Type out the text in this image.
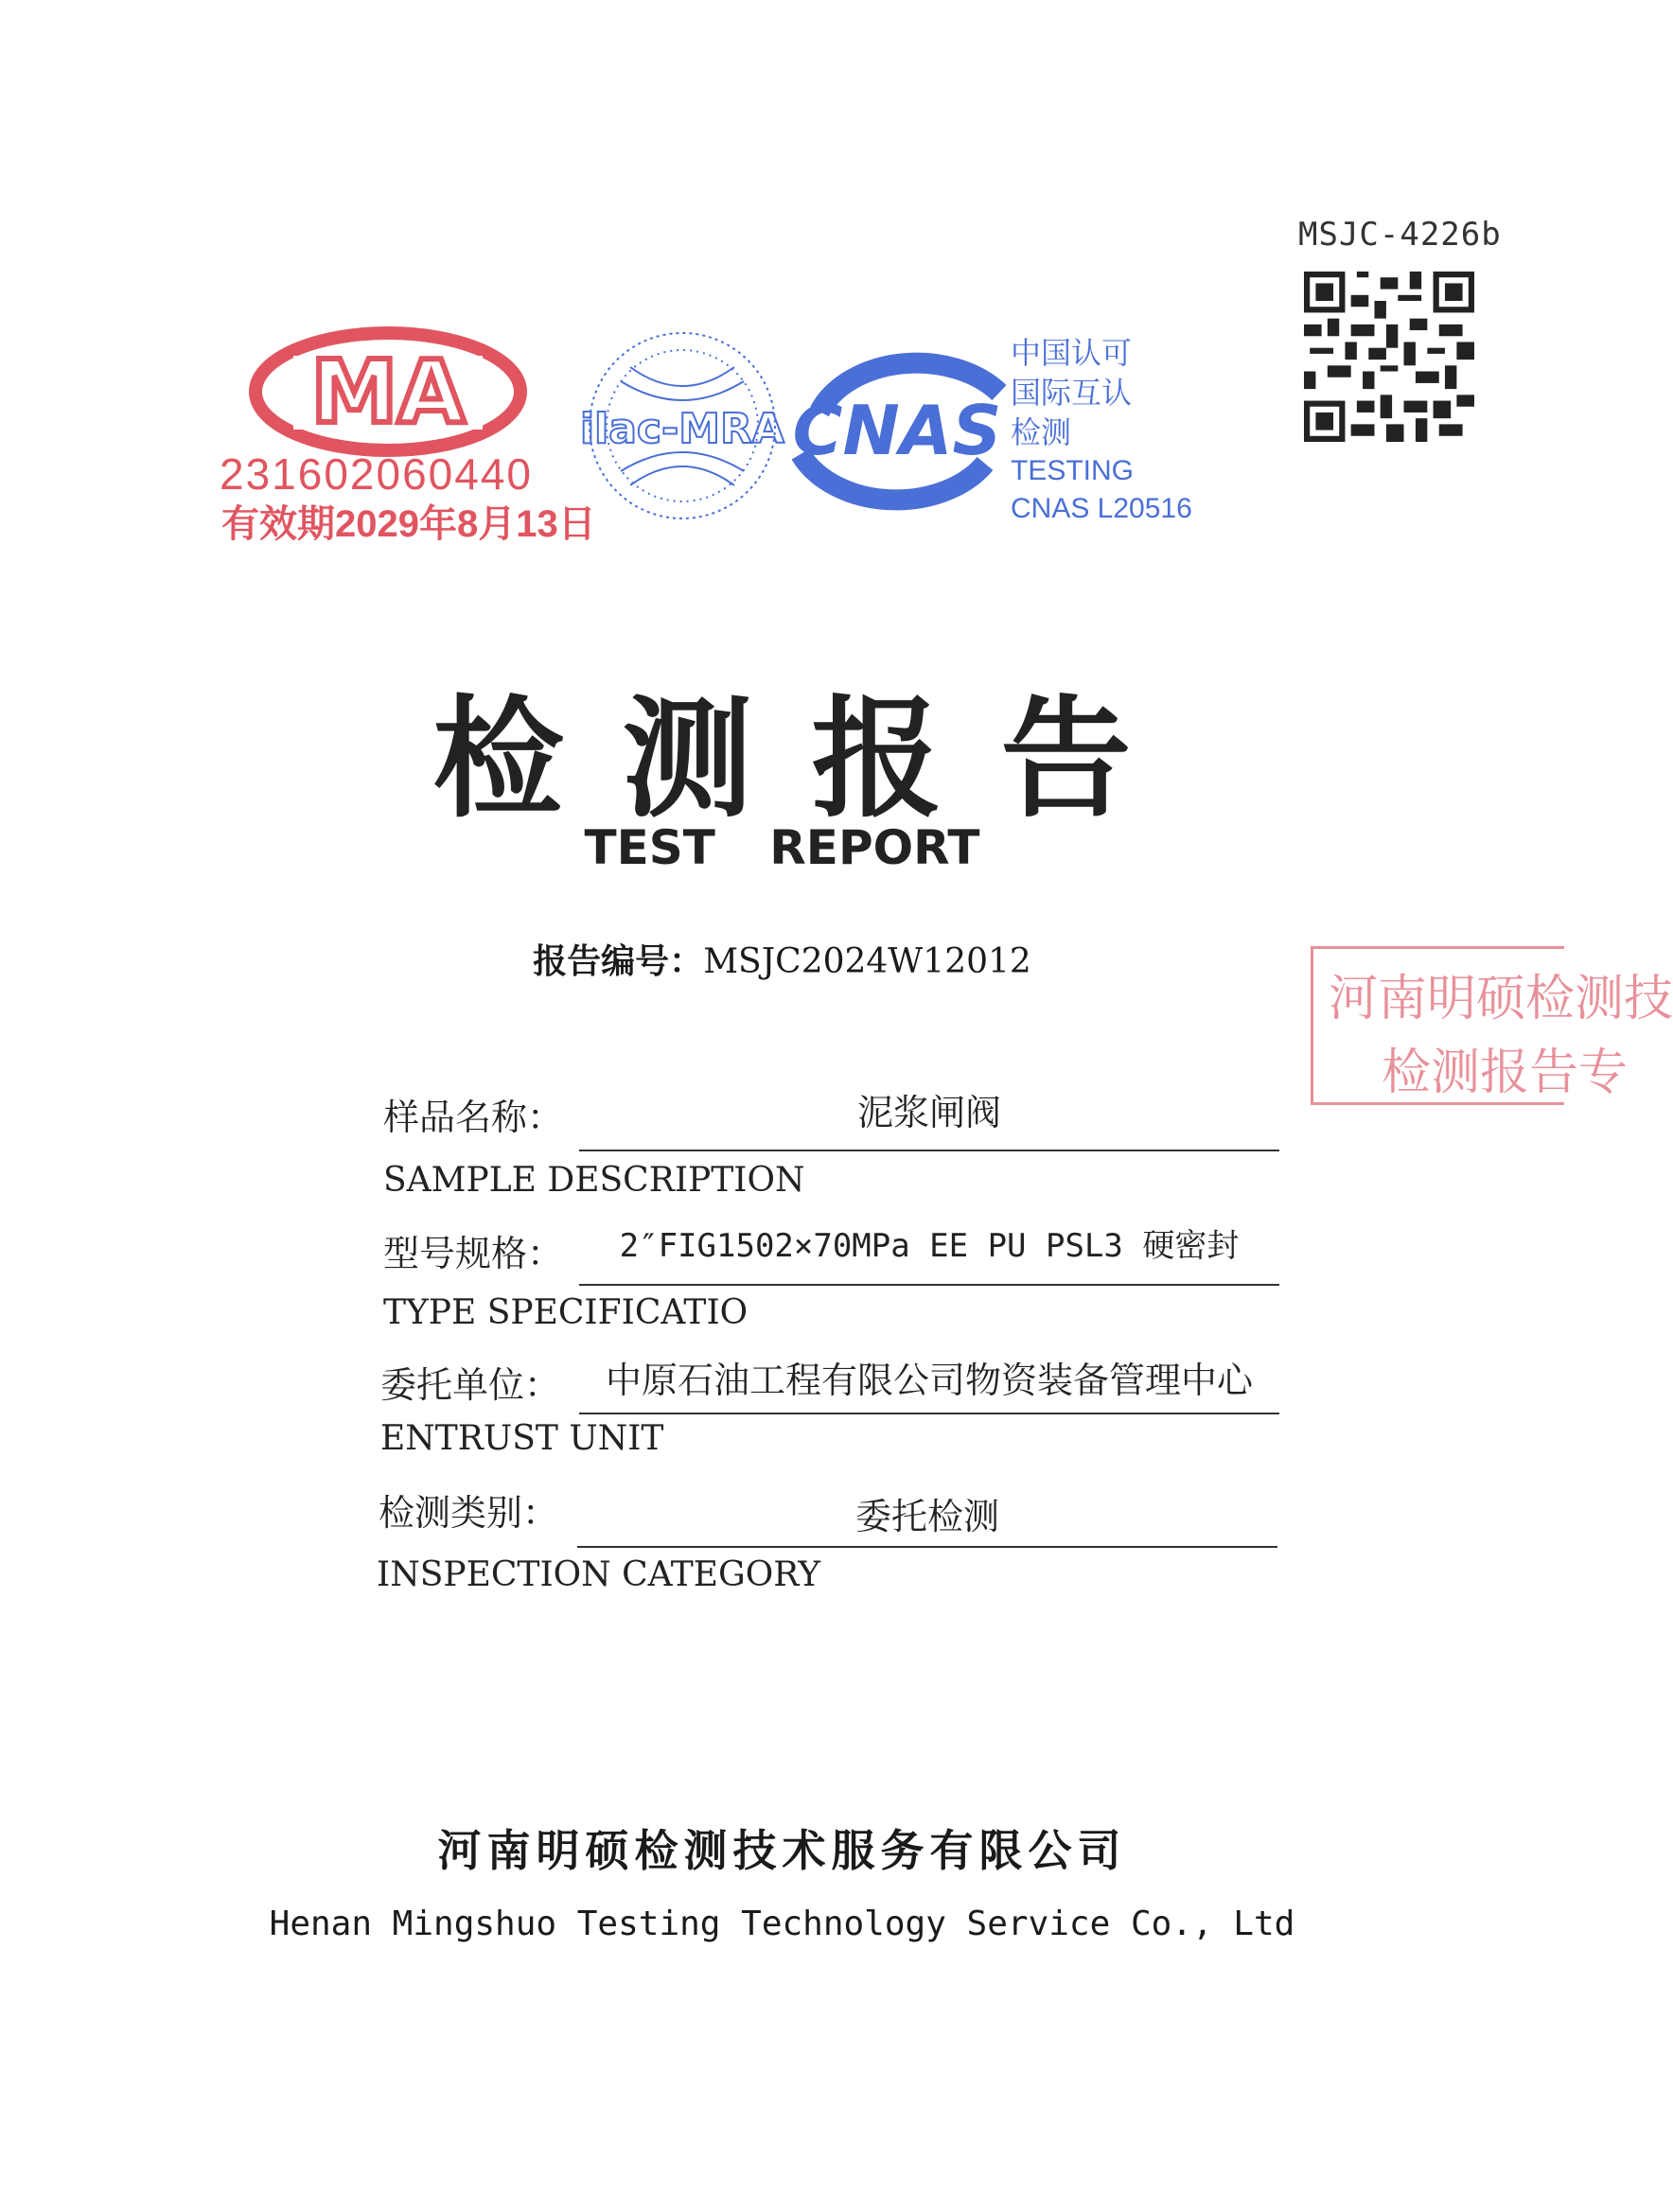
MSJC-4226b
MA
231602060440
有效期2029年8月13日
ilac-MRA CNAS
中国认可
国际互认
检测
TESTING
CNAS L20516
检测报告
TEST REPORT
报告编号：MSJC2024W12012
河南明硕检测技
检测报告专
样品名称：	泥浆闸阀
SAMPLE DESCRIPTION
型号规格：	2″FIG1502×70MPa EE PU PSL3 硬密封
TYPE SPECIFICATIO
委托单位：	中原石油工程有限公司物资装备管理中心
ENTRUST UNIT
检测类别：	委托检测
INSPECTION CATEGORY
河南明硕检测技术服务有限公司
Henan Mingshuo Testing Technology Service Co., Ltd
